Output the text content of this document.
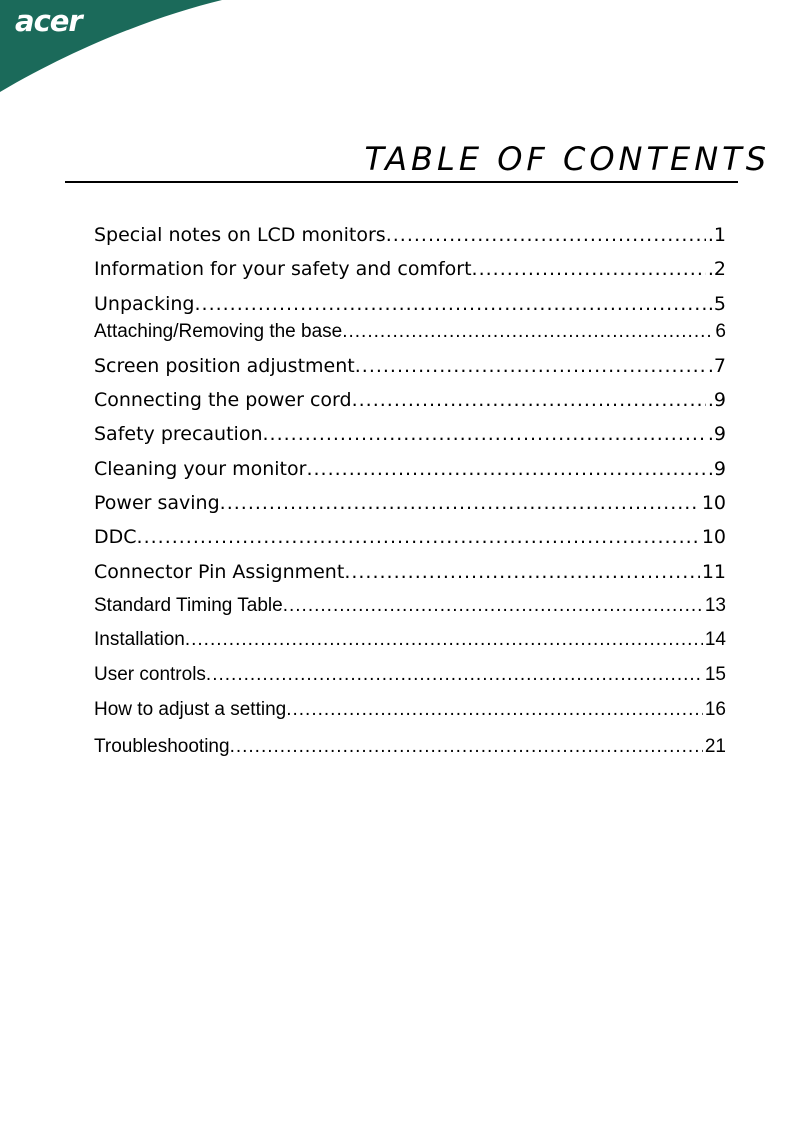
acer
TABLE OF CONTENTS
Special notes on LCD monitors .....	.1
Information for your safety and comfort .....	.2
Unpacking .....	.5
Attaching/Removing the base .....	6
Screen position adjustment .....	.7
Connecting the power cord .....	.9
Safety precaution .....	.9
Cleaning your monitor .....	.9
Power saving .....	10
DDC .....	10
Connector Pin Assignment .....	11
Standard Timing Table .....	13
Installation .....	14
User controls .....	15
How to adjust a setting .....	16
Troubleshooting .....	21
